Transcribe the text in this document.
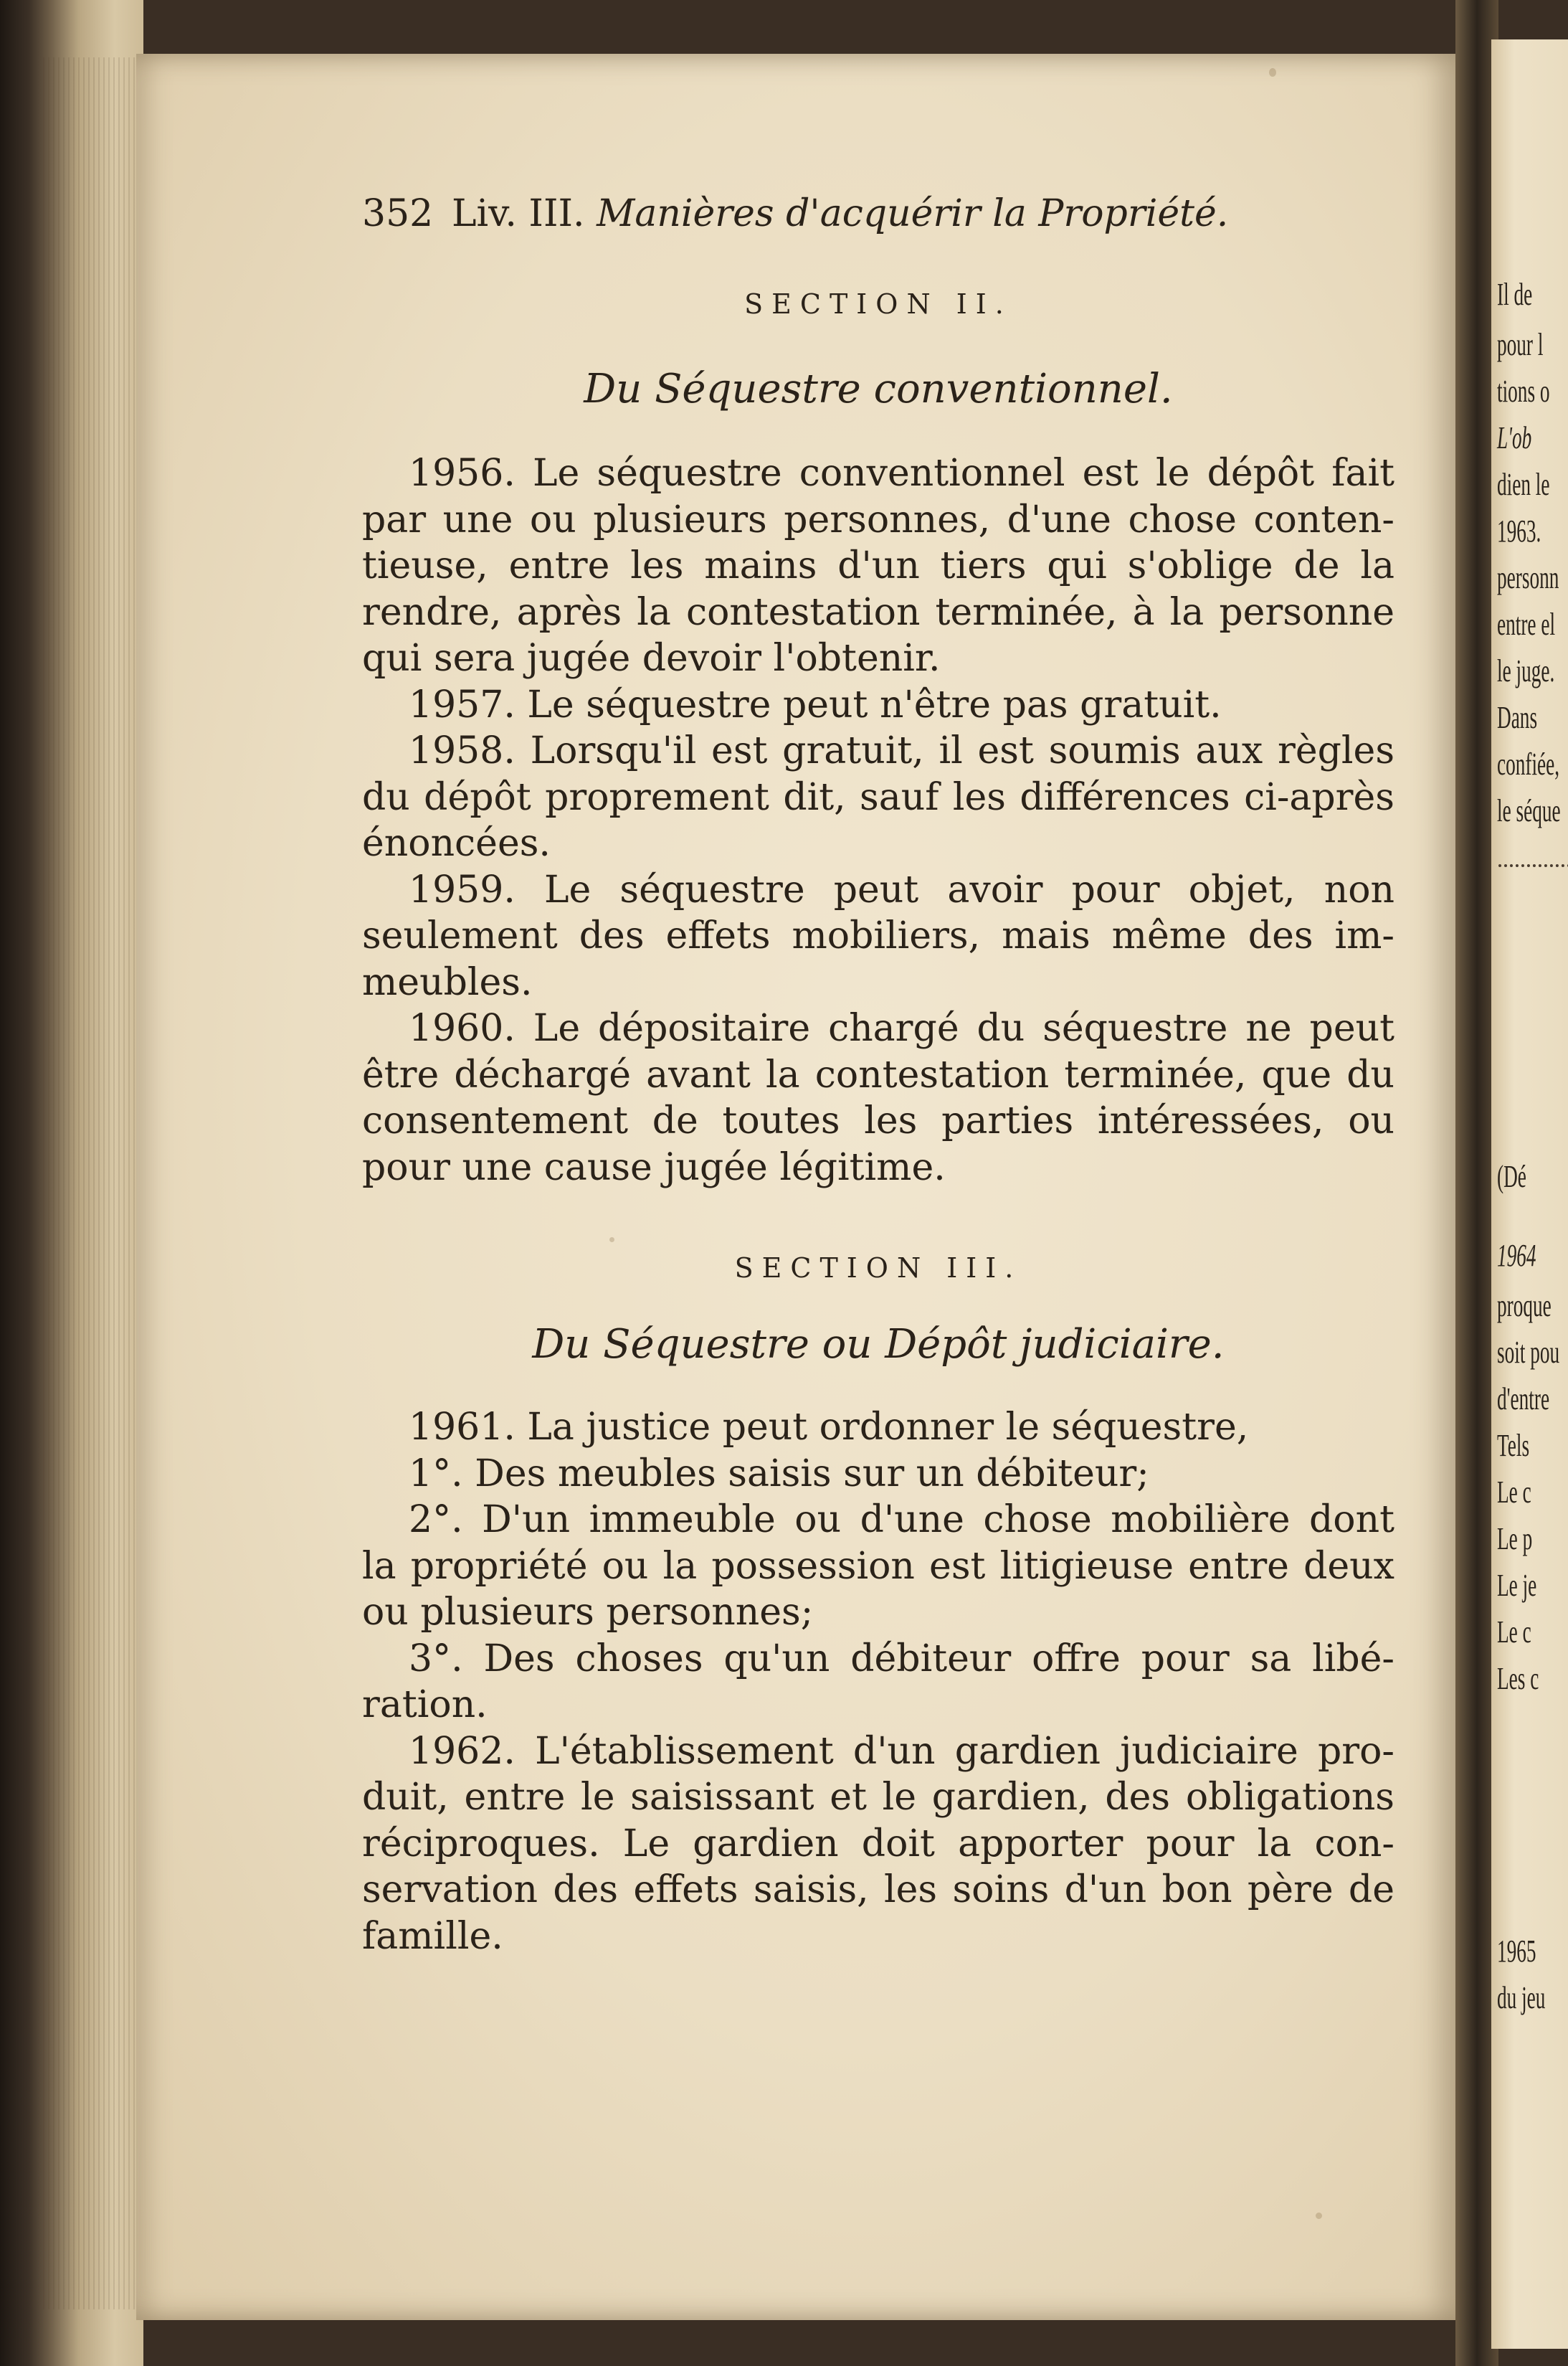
Il de
pour l
tions o
L'ob
dien le
1963.
personn
entre el
le juge.
Dans
confiée,
le séque
(Dé
1964
proque
soit pou
d'entre
Tels
Le c
Le p
Le je
Le c
Les c
1965
du jeu
352 Liv. III. Manières d'acquérir la Propriété.
SECTION II.
Du Séquestre conventionnel.
1956. Le séquestre conventionnel est le dépôt fait
par une ou plusieurs personnes, d'une chose conten-
tieuse, entre les mains d'un tiers qui s'oblige de la
rendre, après la contestation terminée, à la personne
qui sera jugée devoir l'obtenir.
1957. Le séquestre peut n'être pas gratuit.
1958. Lorsqu'il est gratuit, il est soumis aux règles
du dépôt proprement dit, sauf les différences ci-après
énoncées.
1959. Le séquestre peut avoir pour objet, non
seulement des effets mobiliers, mais même des im-
meubles.
1960. Le dépositaire chargé du séquestre ne peut
être déchargé avant la contestation terminée, que du
consentement de toutes les parties intéressées, ou
pour une cause jugée légitime.
SECTION III.
Du Séquestre ou Dépôt judiciaire.
1961. La justice peut ordonner le séquestre,
1°. Des meubles saisis sur un débiteur;
2°. D'un immeuble ou d'une chose mobilière dont
la propriété ou la possession est litigieuse entre deux
ou plusieurs personnes;
3°. Des choses qu'un débiteur offre pour sa libé-
ration.
1962. L'établissement d'un gardien judiciaire pro-
duit, entre le saisissant et le gardien, des obligations
réciproques. Le gardien doit apporter pour la con-
servation des effets saisis, les soins d'un bon père de
famille.
